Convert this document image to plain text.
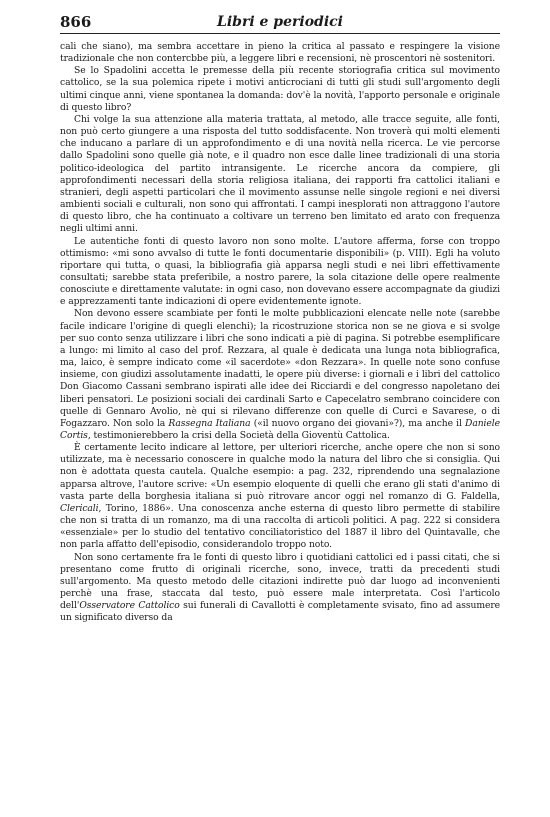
866	Libri e periodici

cali che siano), ma sembra accettare in pieno la critica al passato e respingere la visione tradizionale che non contercbbe più, a leggere libri e recensioni, nè proscentori nè sostenitori.

Se lo Spadolini accetta le premesse della più recente storiografia critica sul movimento cattolico, se la sua polemica ripete i motivi anticrociani di tutti gli studi sull'argomento degli ultimi cinque anni, viene spontanea la domanda: dov'è la novità, l'apporto personale e originale di questo libro?

Chi volge la sua attenzione alla materia trattata, al metodo, alle tracce seguite, alle fonti, non può certo giungere a una risposta del tutto soddisfacente. Non troverà qui molti elementi che inducano a parlare di un approfondimento e di una novità nella ricerca. Le vie percorse dallo Spadolini sono quelle già note, e il quadro non esce dalle linee tradizionali di una storia politico-ideologica del partito intransigente. Le ricerche ancora da compiere, gli approfondimenti necessari della storia religiosa italiana, dei rapporti fra cattolici italiani e stranieri, degli aspetti particolari che il movimento assunse nelle singole regioni e nei diversi ambienti sociali e culturali, non sono qui affrontati. I campi inesplorati non attraggono l'autore di questo libro, che ha continuato a coltivare un terreno ben limitato ed arato con frequenza negli ultimi anni.

Le autentiche fonti di questo lavoro non sono molte. L'autore afferma, forse con troppo ottimismo: «mi sono avvalso di tutte le fonti documentarie disponibili» (p. VIII). Egli ha voluto riportare qui tutta, o quasi, la bibliografia già apparsa negli studi e nei libri effettivamente consultati; sarebbe stata preferibile, a nostro parere, la sola citazione delle opere realmente conosciute e direttamente valutate: in ogni caso, non dovevano essere accompagnate da giudizi e apprezzamenti tante indicazioni di opere evidentemente ignote.

Non devono essere scambiate per fonti le molte pubblicazioni elencate nelle note (sarebbe facile indicare l'origine di quegli elenchi); la ricostruzione storica non se ne giova e si svolge per suo conto senza utilizzare i libri che sono indicati a piè di pagina. Si potrebbe esemplificare a lungo: mi limito al caso del prof. Rezzara, al quale è dedicata una lunga nota bibliografica, ma, laico, è sempre indicato come «il sacerdote» «don Rezzara». In quelle note sono confuse insieme, con giudizi assolutamente inadatti, le opere più diverse: i giornali e i libri del cattolico Don Giacomo Cassani sembrano ispirati alle idee dei Ricciardi e del congresso napoletano dei liberi pensatori. Le posizioni sociali dei cardinali Sarto e Capecelatro sembrano coincidere con quelle di Gennaro Avolio, nè qui si rilevano differenze con quelle di Curci e Savarese, o di Fogazzaro. Non solo la Rassegna Italiana («il nuovo organo dei giovani»?), ma anche il Daniele Cortis, testimonierebbero la crisi della Società della Gioventù Cattolica.

È certamente lecito indicare al lettore, per ulteriori ricerche, anche opere che non si sono utilizzate, ma è necessario conoscere in qualche modo la natura del libro che si consiglia. Qui non è adottata questa cautela. Qualche esempio: a pag. 232, riprendendo una segnalazione apparsa altrove, l'autore scrive: «Un esempio eloquente di quelli che erano gli stati d'animo di vasta parte della borghesia italiana si può ritrovare ancor oggi nel romanzo di G. Faldella, Clericali, Torino, 1886». Una conoscenza anche esterna di questo libro permette di stabilire che non si tratta di un romanzo, ma di una raccolta di articoli politici. A pag. 222 si considera «essenziale» per lo studio del tentativo conciliatoristico del 1887 il libro del Quintavalle, che non parla affatto dell'episodio, considerandolo troppo noto.

Non sono certamente fra le fonti di questo libro i quotidiani cattolici ed i passi citati, che si presentano come frutto di originali ricerche, sono, invece, tratti da precedenti studi sull'argomento. Ma questo metodo delle citazioni indirette può dar luogo ad inconvenienti perchè una frase, staccata dal testo, può essere male interpretata. Così l'articolo dell'Osservatore Cattolico sui funerali di Cavallotti è completamente svisato, fino ad assumere un significato diverso da
